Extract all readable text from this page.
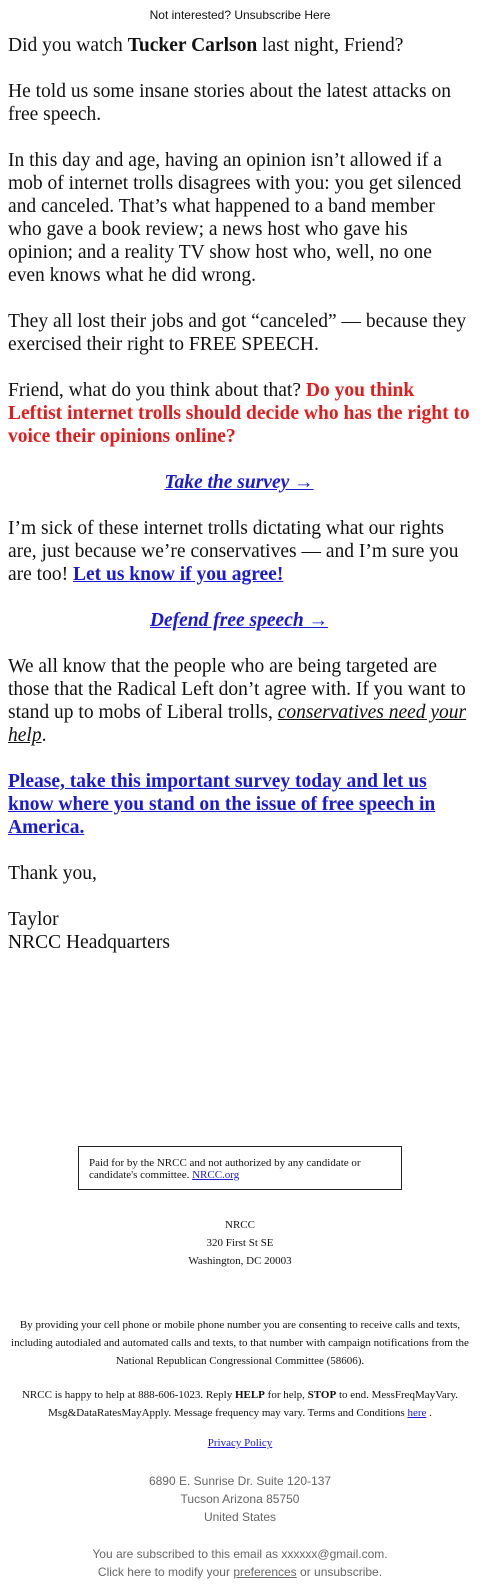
Not interested? Unsubscribe Here

Did you watch Tucker Carlson last night, Friend?

He told us some insane stories about the latest attacks on free speech.

In this day and age, having an opinion isn’t allowed if a mob of internet trolls disagrees with you: you get silenced and canceled. That’s what happened to a band member who gave a book review; a news host who gave his opinion; and a reality TV show host who, well, no one even knows what he did wrong.

They all lost their jobs and got “canceled” — because they exercised their right to FREE SPEECH.

Friend, what do you think about that? Do you think Leftist internet trolls should decide who has the right to voice their opinions online?

Take the survey →

I’m sick of these internet trolls dictating what our rights are, just because we’re conservatives — and I’m sure you are too! Let us know if you agree!

Defend free speech →

We all know that the people who are being targeted are those that the Radical Left don’t agree with. If you want to stand up to mobs of Liberal trolls, conservatives need your help.

Please, take this important survey today and let us know where you stand on the issue of free speech in America.

Thank you,

Taylor
NRCC Headquarters
Paid for by the NRCC and not authorized by any candidate or candidate's committee. NRCC.org
NRCC
320 First St SE
Washington, DC 20003
By providing your cell phone or mobile phone number you are consenting to receive calls and texts, including autodialed and automated calls and texts, to that number with campaign notifications from the National Republican Congressional Committee (58606).
NRCC is happy to help at 888-606-1023. Reply HELP for help, STOP to end. MessFreqMayVary. Msg&DataRatesMayApply. Message frequency may vary. Terms and Conditions here .
Privacy Policy
6890 E. Sunrise Dr. Suite 120-137
Tucson Arizona 85750
United States
You are subscribed to this email as xxxxxx@gmail.com.
Click here to modify your preferences or unsubscribe.
